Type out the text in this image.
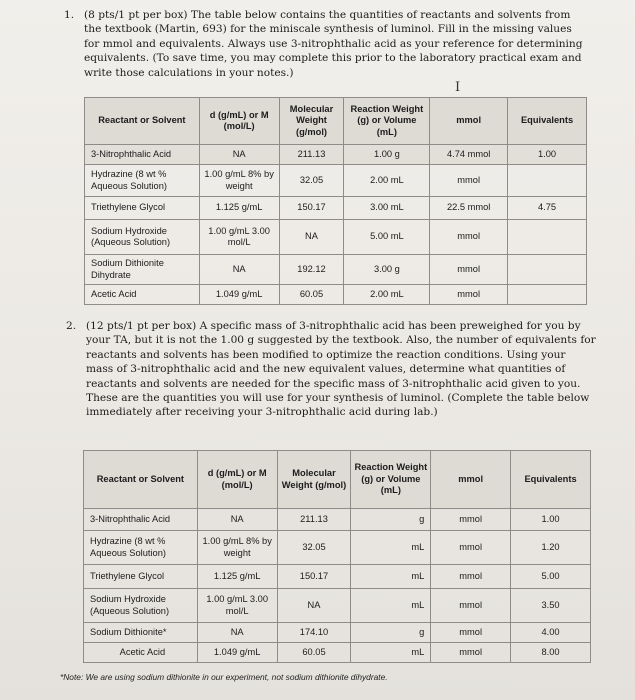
1. (8 pts/1 pt per box) The table below contains the quantities of reactants and solvents from the textbook (Martin, 693) for the miniscale synthesis of luminol. Fill in the missing values for mmol and equivalents. Always use 3-nitrophthalic acid as your reference for determining equivalents. (To save time, you may complete this prior to the laboratory practical exam and write those calculations in your notes.)
I
Reactant or Solvent	d (g/mL) or M (mol/L)	Molecular Weight (g/mol)	Reaction Weight (g) or Volume (mL)	mmol	Equivalents
3-Nitrophthalic Acid	NA	211.13	1.00 g	4.74 mmol	1.00
Hydrazine (8 wt % Aqueous Solution)	1.00 g/mL 8% by weight	32.05	2.00 mL	mmol	
Triethylene Glycol	1.125 g/mL	150.17	3.00 mL	22.5 mmol	4.75
Sodium Hydroxide (Aqueous Solution)	1.00 g/mL 3.00 mol/L	NA	5.00 mL	mmol	
Sodium Dithionite Dihydrate	NA	192.12	3.00 g	mmol	
Acetic Acid	1.049 g/mL	60.05	2.00 mL	mmol	
2. (12 pts/1 pt per box) A specific mass of 3-nitrophthalic acid has been preweighed for you by your TA, but it is not the 1.00 g suggested by the textbook. Also, the number of equivalents for reactants and solvents has been modified to optimize the reaction conditions. Using your mass of 3-nitrophthalic acid and the new equivalent values, determine what quantities of reactants and solvents are needed for the specific mass of 3-nitrophthalic acid given to you. These are the quantities you will use for your synthesis of luminol. (Complete the table below immediately after receiving your 3-nitrophthalic acid during lab.)
Reactant or Solvent	d (g/mL) or M (mol/L)	Molecular Weight (g/mol)	Reaction Weight (g) or Volume (mL)	mmol	Equivalents
3-Nitrophthalic Acid	NA	211.13	g	mmol	1.00
Hydrazine (8 wt % Aqueous Solution)	1.00 g/mL 8% by weight	32.05	mL	mmol	1.20
Triethylene Glycol	1.125 g/mL	150.17	mL	mmol	5.00
Sodium Hydroxide (Aqueous Solution)	1.00 g/mL 3.00 mol/L	NA	mL	mmol	3.50
Sodium Dithionite*	NA	174.10	g	mmol	4.00
Acetic Acid	1.049 g/mL	60.05	mL	mmol	8.00
*Note: We are using sodium dithionite in our experiment, not sodium dithionite dihydrate.
